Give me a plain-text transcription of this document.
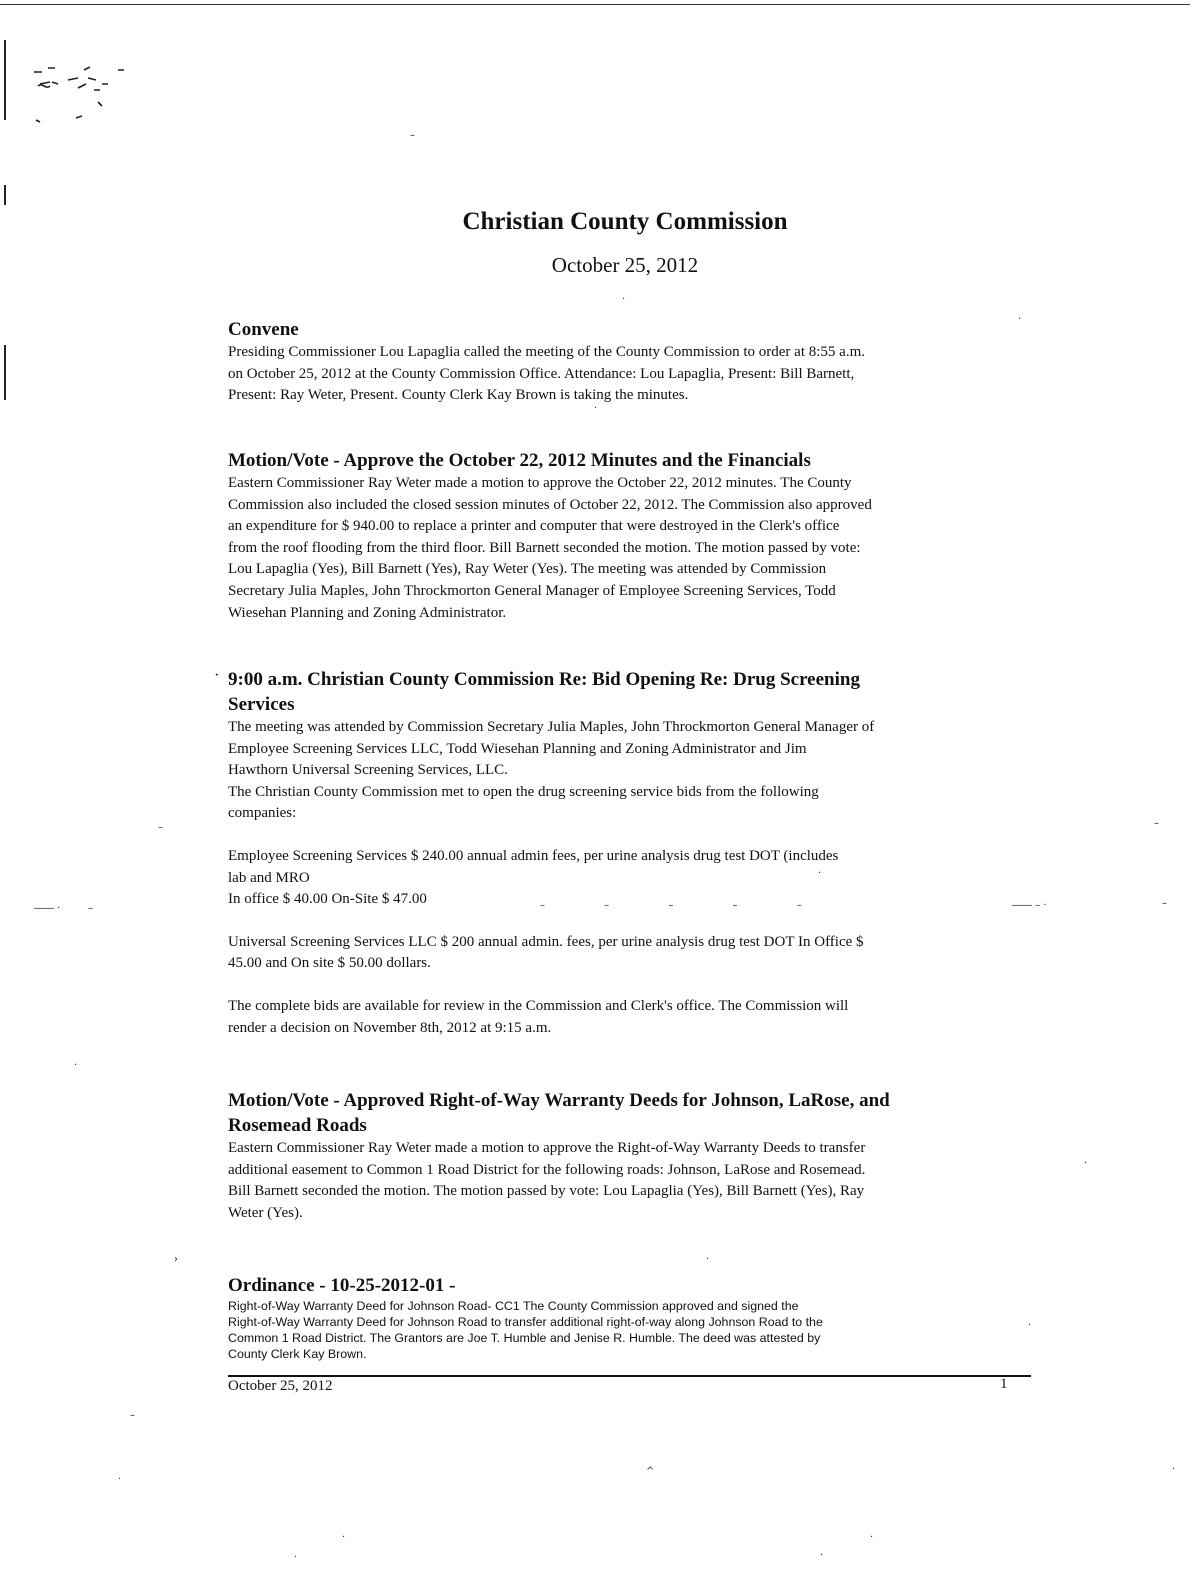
–
·
·
·
–	–
―― ·	–	– – – – –	―― – ·	–
·
·
·
›	·
·
–
·
·
^
·	·
·	·
Christian County Commission
October 25, 2012

Convene

Presiding Commissioner Lou Lapaglia called the meeting of the County Commission to order at 8:55 a.m.

on October 25, 2012 at the County Commission Office. Attendance: Lou Lapaglia, Present: Bill Barnett,

Present: Ray Weter, Present. County Clerk Kay Brown is taking the minutes.

Motion/Vote - Approve the October 22, 2012 Minutes and the Financials

Eastern Commissioner Ray Weter made a motion to approve the October 22, 2012 minutes. The County

Commission also included the closed session minutes of October 22, 2012. The Commission also approved

an expenditure for $ 940.00 to replace a printer and computer that were destroyed in the Clerk's office

from the roof flooding from the third floor. Bill Barnett seconded the motion. The motion passed by vote:

Lou Lapaglia (Yes), Bill Barnett (Yes), Ray Weter (Yes). The meeting was attended by Commission

Secretary Julia Maples, John Throckmorton General Manager of Employee Screening Services, Todd

Wiesehan Planning and Zoning Administrator.

· 9:00 a.m. Christian County Commission Re: Bid Opening Re: Drug Screening

Services

The meeting was attended by Commission Secretary Julia Maples, John Throckmorton General Manager of

Employee Screening Services LLC, Todd Wiesehan Planning and Zoning Administrator and Jim

Hawthorn Universal Screening Services, LLC.

The Christian County Commission met to open the drug screening service bids from the following

companies:

Employee Screening Services $ 240.00 annual admin fees, per urine analysis drug test DOT (includes

lab and MRO

In office $ 40.00 On-Site $ 47.00

Universal Screening Services LLC $ 200 annual admin. fees, per urine analysis drug test DOT In Office $

45.00 and On site $ 50.00 dollars.

The complete bids are available for review in the Commission and Clerk's office. The Commission will

render a decision on November 8th, 2012 at 9:15 a.m.

Motion/Vote - Approved Right-of-Way Warranty Deeds for Johnson, LaRose, and

Rosemead Roads

Eastern Commissioner Ray Weter made a motion to approve the Right-of-Way Warranty Deeds to transfer

additional easement to Common 1 Road District for the following roads: Johnson, LaRose and Rosemead.

Bill Barnett seconded the motion. The motion passed by vote: Lou Lapaglia (Yes), Bill Barnett (Yes), Ray

Weter (Yes).

Ordinance - 10-25-2012-01 -

Right-of-Way Warranty Deed for Johnson Road- CC1 The County Commission approved and signed the

Right-of-Way Warranty Deed for Johnson Road to transfer additional right-of-way along Johnson Road to the

Common 1 Road District. The Grantors are Joe T. Humble and Jenise R. Humble. The deed was attested by

County Clerk Kay Brown.

October 25, 2012	1
